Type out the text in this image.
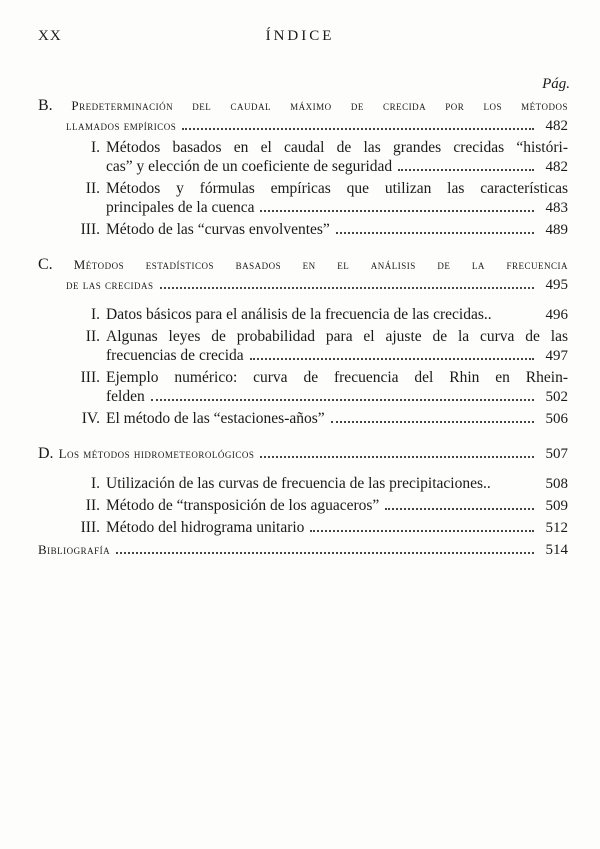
XX	ÍNDICE
Pág.
B. Predeterminación del caudal máximo de crecida por los métodos
llamados empíricos	482
I. Métodos basados en el caudal de las grandes crecidas “históri-
cas” y elección de un coeficiente de seguridad	482
II. Métodos y fórmulas empíricas que utilizan las características
principales de la cuenca	483
III. Método de las “curvas envolventes”	489
C. Métodos estadísticos basados en el análisis de la frecuencia
de las crecidas	495
I. Datos básicos para el análisis de la frecuencia de las crecidas..	496
II. Algunas leyes de probabilidad para el ajuste de la curva de las
frecuencias de crecida	497
III. Ejemplo numérico: curva de frecuencia del Rhin en Rhein-
felden	502
IV. El método de las “estaciones-años”	506
D. Los métodos hidrometeorológicos	507
I. Utilización de las curvas de frecuencia de las precipitaciones..	508
II. Método de “transposición de los aguaceros”	509
III. Método del hidrograma unitario	512
Bibliografía	514
